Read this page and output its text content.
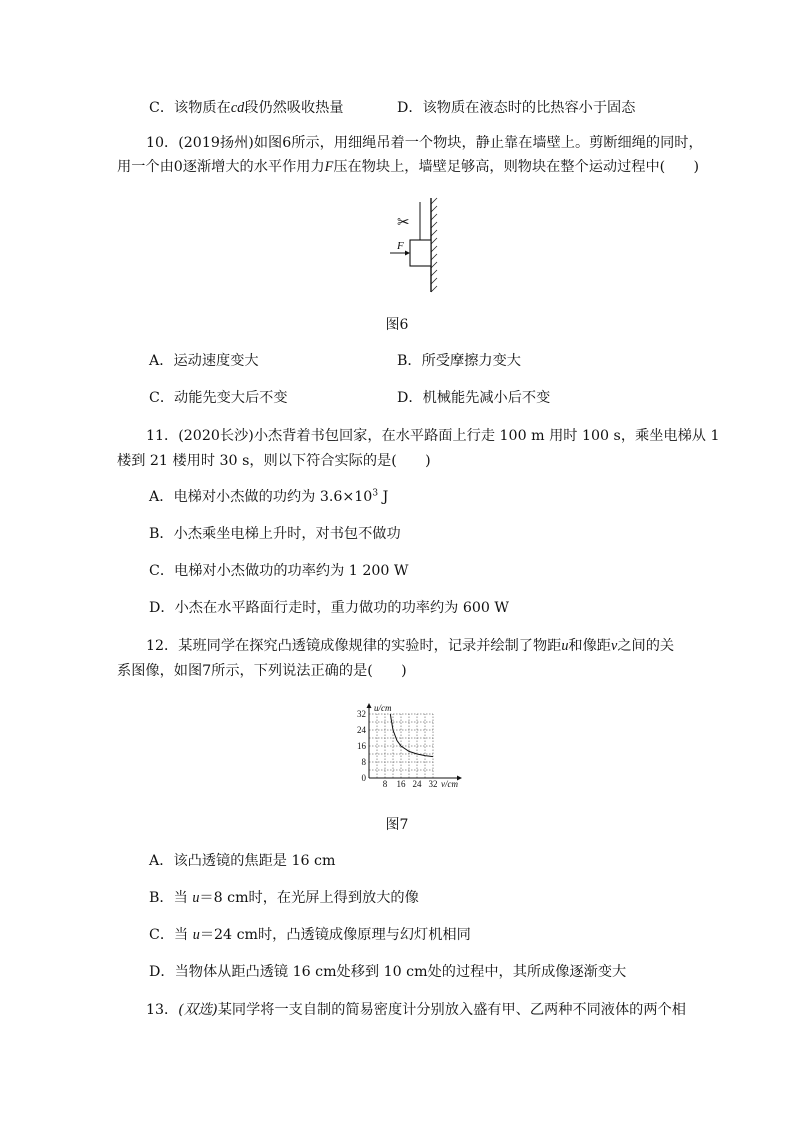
C．该物质在cd段仍然吸收热量	D．该物质在液态时的比热容小于固态
10．(2019扬州)如图6所示，用细绳吊着一个物块，静止靠在墙壁上。剪断细绳的同时，
用一个由0逐渐增大的水平作用力F压在物块上，墙壁足够高，则物块在整个运动过程中(　　)
✂
F
图6
A．运动速度变大	B．所受摩擦力变大
C．动能先变大后不变	D．机械能先减小后不变
11．(2020长沙)小杰背着书包回家，在水平路面上行走 100 m 用时 100 s，乘坐电梯从 1
楼到 21 楼用时 30 s，则以下符合实际的是(　　)
A．电梯对小杰做的功约为 $3.6\times 10^3$ J
B．小杰乘坐电梯上升时，对书包不做功
C．电梯对小杰做功的功率约为 1 200 W
D．小杰在水平路面行走时，重力做功的功率约为 600 W
12．某班同学在探究凸透镜成像规律的实验时，记录并绘制了物距u和像距v之间的关
系图像，如图7所示，下列说法正确的是(　　)
8 16 24 32
0
8
16
24
32
v/cm
u/cm
图7
A．该凸透镜的焦距是 16 cm
B．当 u＝8 cm时，在光屏上得到放大的像
C．当 u＝24 cm时，凸透镜成像原理与幻灯机相同
D．当物体从距凸透镜 16 cm处移到 10 cm处的过程中，其所成像逐渐变大
13．(双选)某同学将一支自制的简易密度计分别放入盛有甲、乙两种不同液体的两个相
